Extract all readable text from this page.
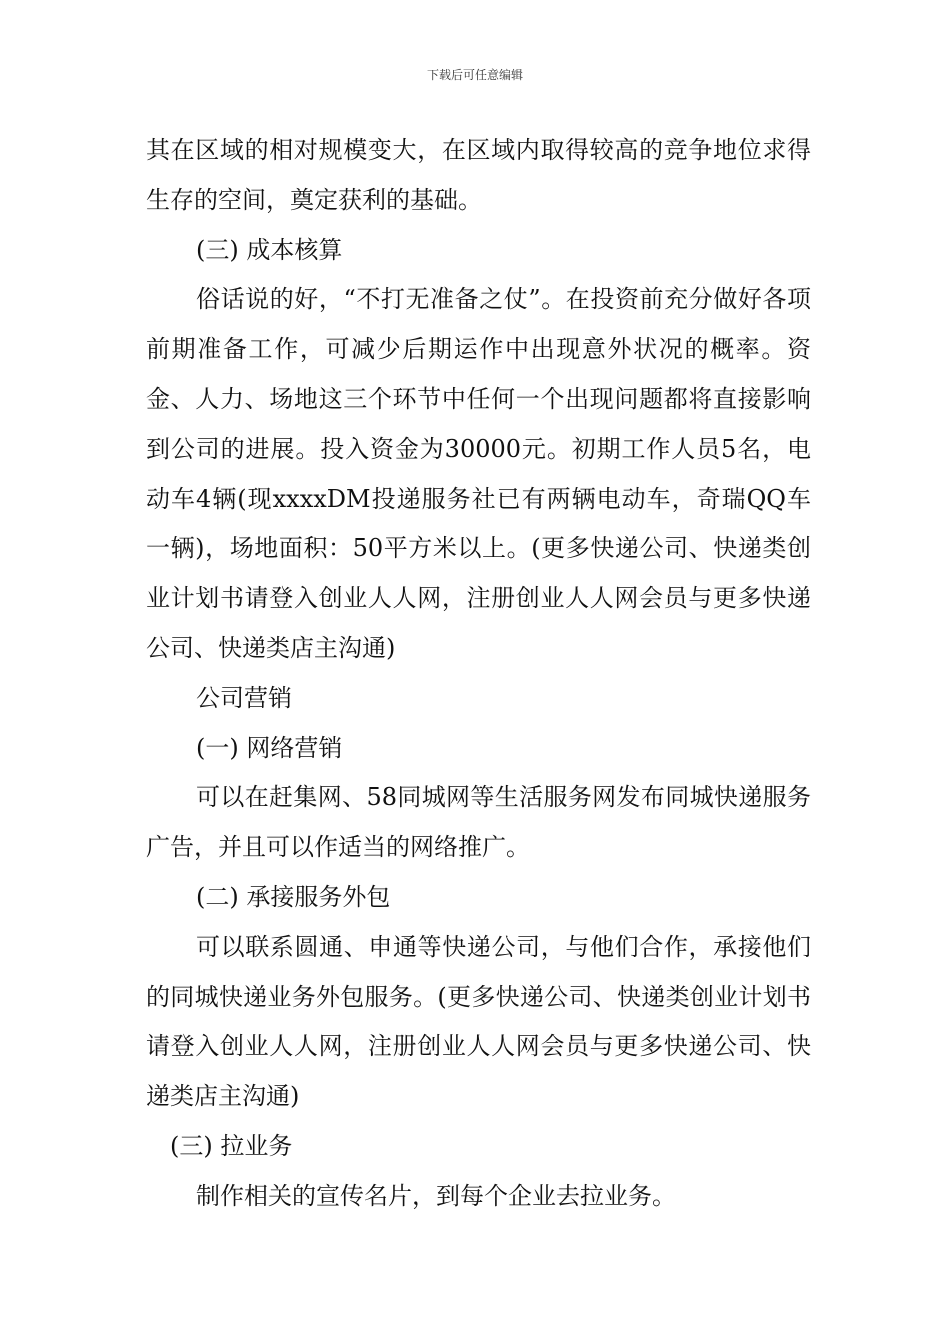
下载后可任意编辑

其在区域的相对规模变大，在区域内取得较高的竞争地位求得生存的空间，奠定获利的基础。

(三) 成本核算

俗话说的好，“不打无准备之仗”。在投资前充分做好各项前期准备工作，可减少后期运作中出现意外状况的概率。资金、人力、场地这三个环节中任何一个出现问题都将直接影响到公司的进展。投入资金为30000元。初期工作人员5名，电动车4辆(现xxxxDM投递服务社已有两辆电动车，奇瑞QQ车一辆)，场地面积：50平方米以上。(更多快递公司、快递类创业计划书请登入创业人人网，注册创业人人网会员与更多快递公司、快递类店主沟通)

公司营销

(一) 网络营销

可以在赶集网、58同城网等生活服务网发布同城快递服务广告，并且可以作适当的网络推广。

(二) 承接服务外包

可以联系圆通、申通等快递公司，与他们合作，承接他们的同城快递业务外包服务。(更多快递公司、快递类创业计划书请登入创业人人网，注册创业人人网会员与更多快递公司、快递类店主沟通)

(三) 拉业务

制作相关的宣传名片，到每个企业去拉业务。
